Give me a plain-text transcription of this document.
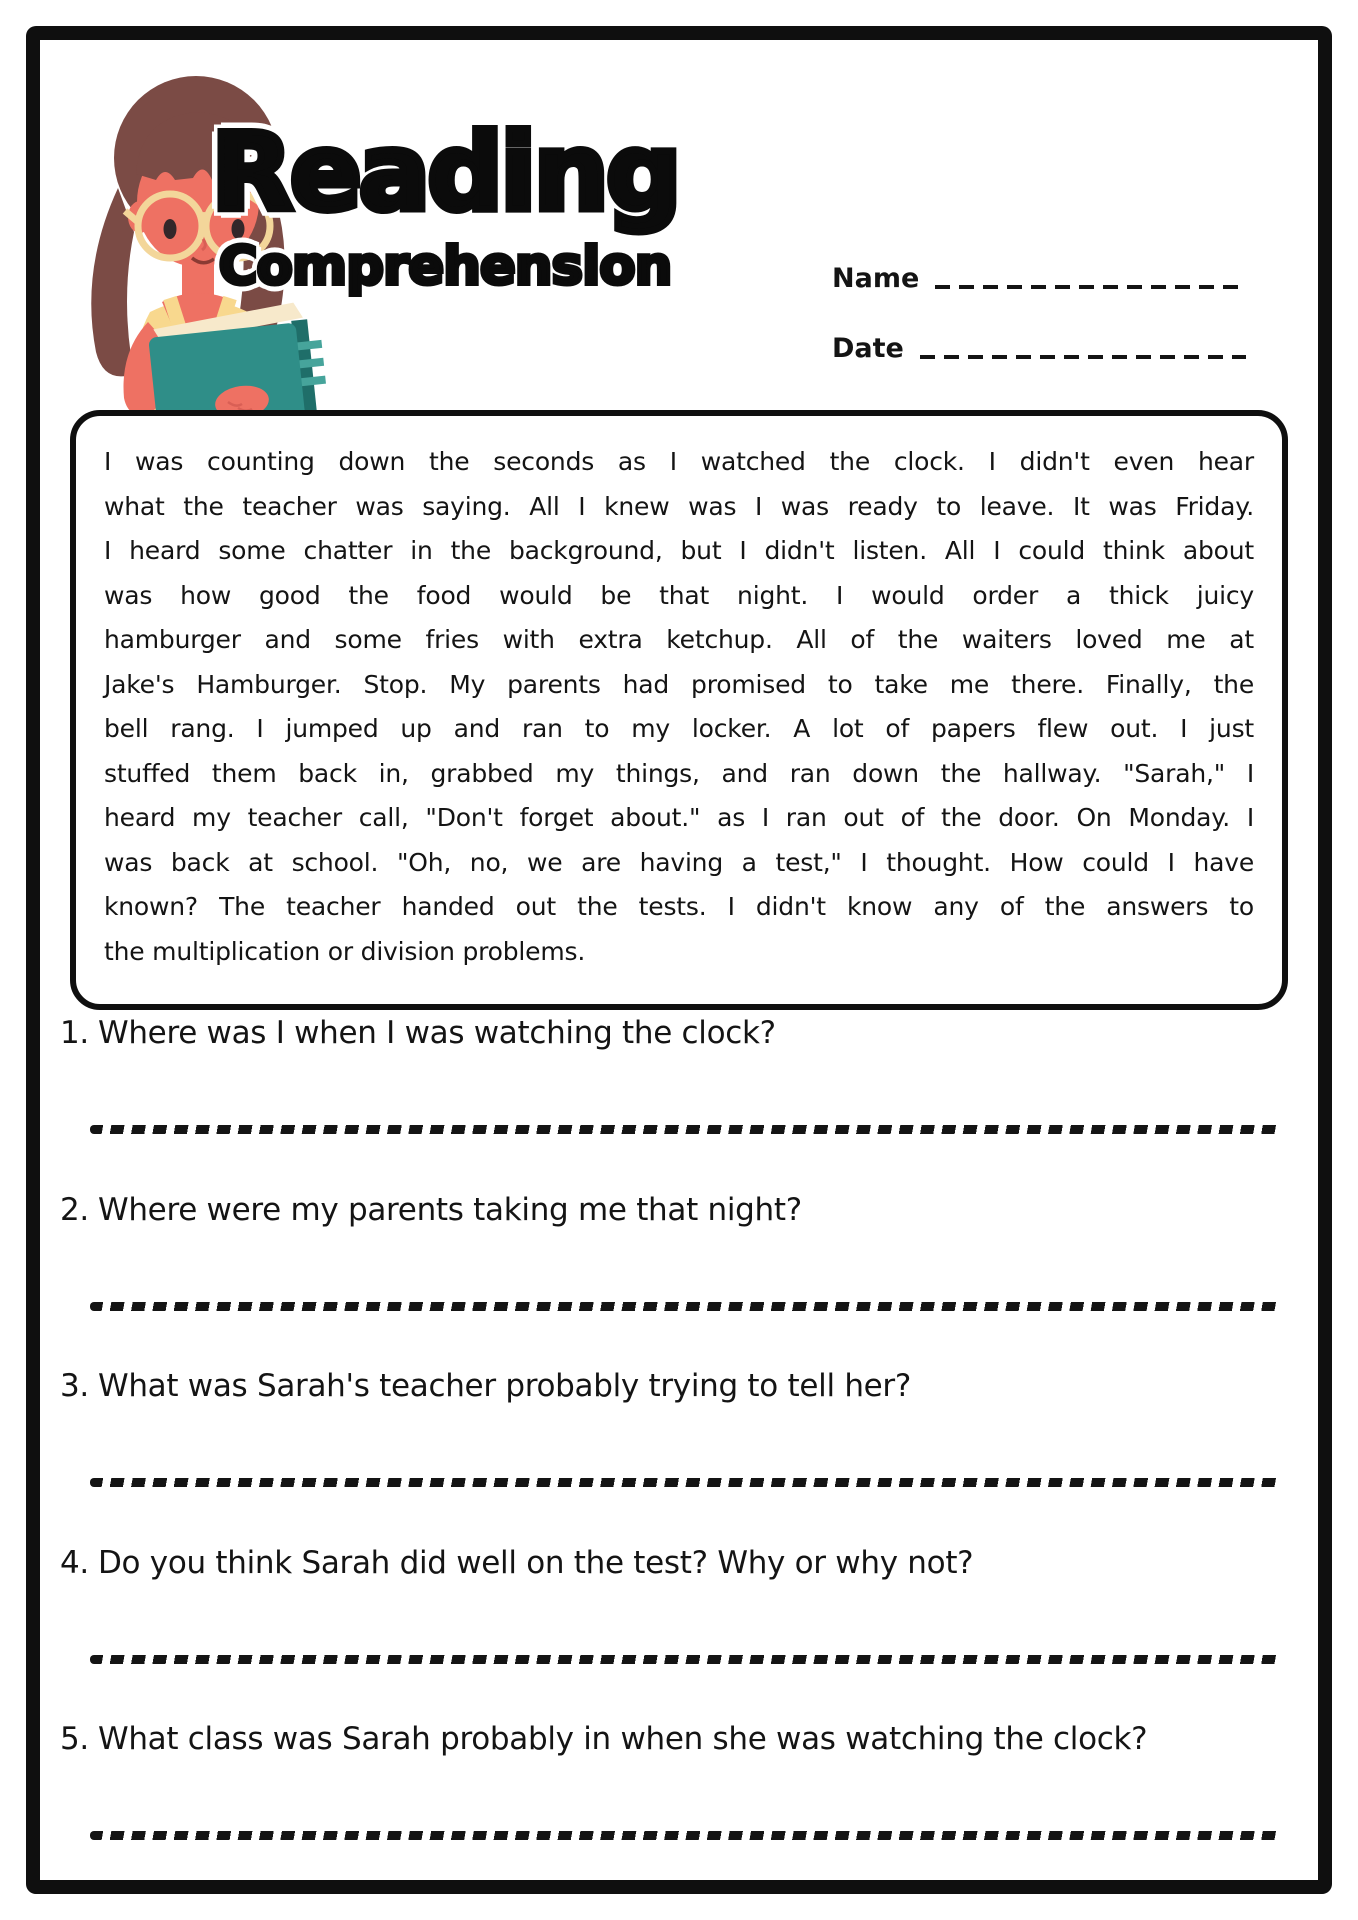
Reading
Comprehension	Name
Date
I was counting down the seconds as I watched the clock. I didn't even hear
what the teacher was saying. All I knew was I was ready to leave. It was Friday.
I heard some chatter in the background, but I didn't listen. All I could think about
was how good the food would be that night. I would order a thick juicy
hamburger and some fries with extra ketchup. All of the waiters loved me at
Jake's Hamburger. Stop. My parents had promised to take me there. Finally, the
bell rang. I jumped up and ran to my locker. A lot of papers flew out. I just
stuffed them back in, grabbed my things, and ran down the hallway. "Sarah," I
heard my teacher call, "Don't forget about." as I ran out of the door. On Monday. I
was back at school. "Oh, no, we are having a test," I thought. How could I have
known? The teacher handed out the tests. I didn't know any of the answers to
the multiplication or division problems.
1. Where was I when I was watching the clock?
2. Where were my parents taking me that night?
3. What was Sarah's teacher probably trying to tell her?
4. Do you think Sarah did well on the test? Why or why not?
5. What class was Sarah probably in when she was watching the clock?
